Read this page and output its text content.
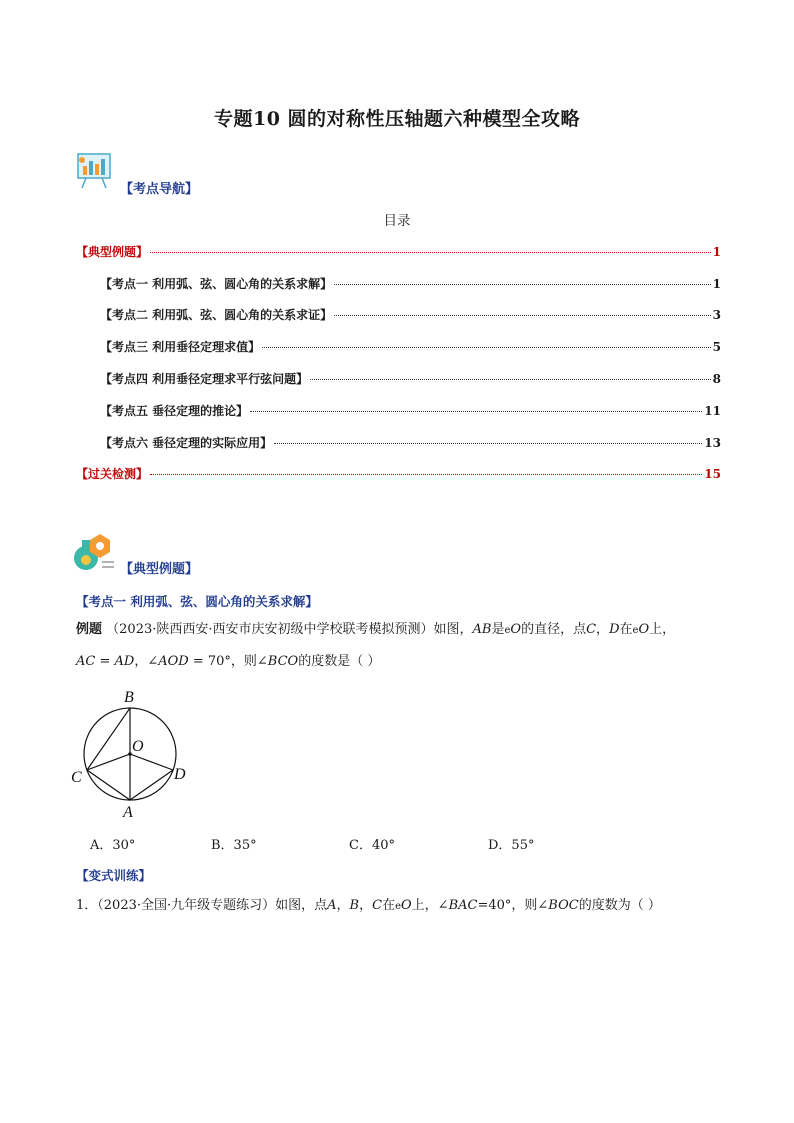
专题10 圆的对称性压轴题六种模型全攻略
【考点导航】
目录
【典型例题】	1
【考点一 利用弧、弦、圆心角的关系求解】	1
【考点二 利用弧、弦、圆心角的关系求证】	3
【考点三 利用垂径定理求值】	5
【考点四 利用垂径定理求平行弦问题】	8
【考点五 垂径定理的推论】	11
【考点六 垂径定理的实际应用】	13
【过关检测】	15
【典型例题】
【考点一 利用弧、弦、圆心角的关系求解】
例题 （2023·陕西西安·西安市庆安初级中学校联考模拟预测）如图，AB是eO的直径，点C，D在eO上，
AC = AD，∠AOD = 70°，则∠BCO的度数是（ ）
B
O
C	D
A
A．30°	B．35°	C．40°	D．55°
【变式训练】
1．（2023·全国·九年级专题练习）如图，点A，B，C在eO上，∠BAC=40°，则∠BOC的度数为（ ）
